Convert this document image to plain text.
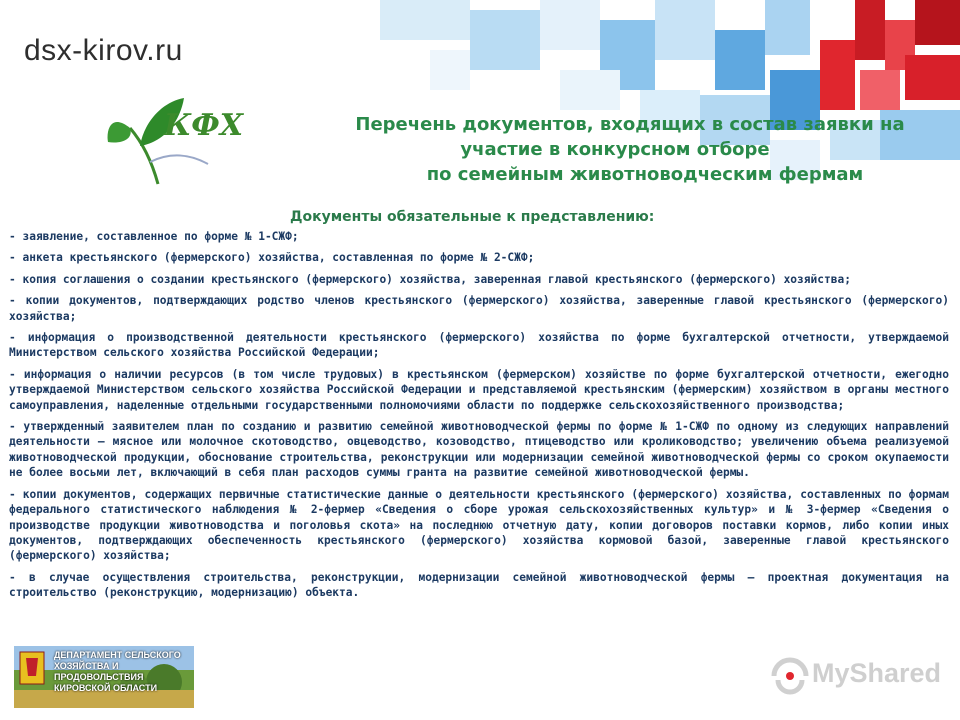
dsx-kirov.ru
КФХ	Перечень документов, входящих в состав заявки на
участие в конкурсном отборе
по семейным животноводческим фермам
Документы обязательные к представлению:
- заявление, составленное по форме № 1-СЖФ;
- анкета крестьянского (фермерского) хозяйства, составленная по форме № 2-СЖФ;
- копия соглашения о создании крестьянского (фермерского) хозяйства, заверенная главой крестьянского (фермерского) хозяйства;
- копии документов, подтверждающих родство членов крестьянского (фермерского) хозяйства, заверенные главой крестьянского (фермерского) хозяйства;
- информация о производственной деятельности крестьянского (фермерского) хозяйства по форме бухгалтерской отчетности, утверждаемой Министерством сельского хозяйства Российской Федерации;
- информация о наличии ресурсов (в том числе трудовых) в крестьянском (фермерском) хозяйстве по форме бухгалтерской отчетности, ежегодно утверждаемой Министерством сельского хозяйства Российской Федерации и представляемой крестьянским (фермерским) хозяйством в органы местного самоуправления, наделенные отдельными государственными полномочиями области по поддержке сельскохозяйственного производства;
- утвержденный заявителем план по созданию и развитию семейной животноводческой фермы по форме № 1-СЖФ по одному из следующих направлений деятельности – мясное или молочное скотоводство, овцеводство, козоводство, птицеводство или кролиководство; увеличению объема реализуемой животноводческой продукции, обоснование строительства, реконструкции или модернизации семейной животноводческой фермы со сроком окупаемости не более восьми лет, включающий в себя план расходов суммы гранта на развитие семейной животноводческой фермы.
- копии документов, содержащих первичные статистические данные о деятельности крестьянского (фермерского) хозяйства, составленных по формам федерального статистического наблюдения № 2-фермер «Сведения о сборе урожая сельскохозяйственных культур» и № 3-фермер «Сведения о производстве продукции животноводства и поголовья скота» на последнюю отчетную дату, копии договоров поставки кормов, либо копии иных документов, подтверждающих обеспеченность крестьянского (фермерского) хозяйства кормовой базой, заверенные главой крестьянского (фермерского) хозяйства;
- в случае осуществления строительства, реконструкции, модернизации семейной животноводческой фермы – проектная документация на строительство (реконструкцию, модернизацию) объекта.
ДЕПАРТАМЕНТ СЕЛЬСКОГО
ХОЗЯЙСТВА И ПРОДОВОЛЬСТВИЯ
КИРОВСКОЙ ОБЛАСТИ	MyShared
